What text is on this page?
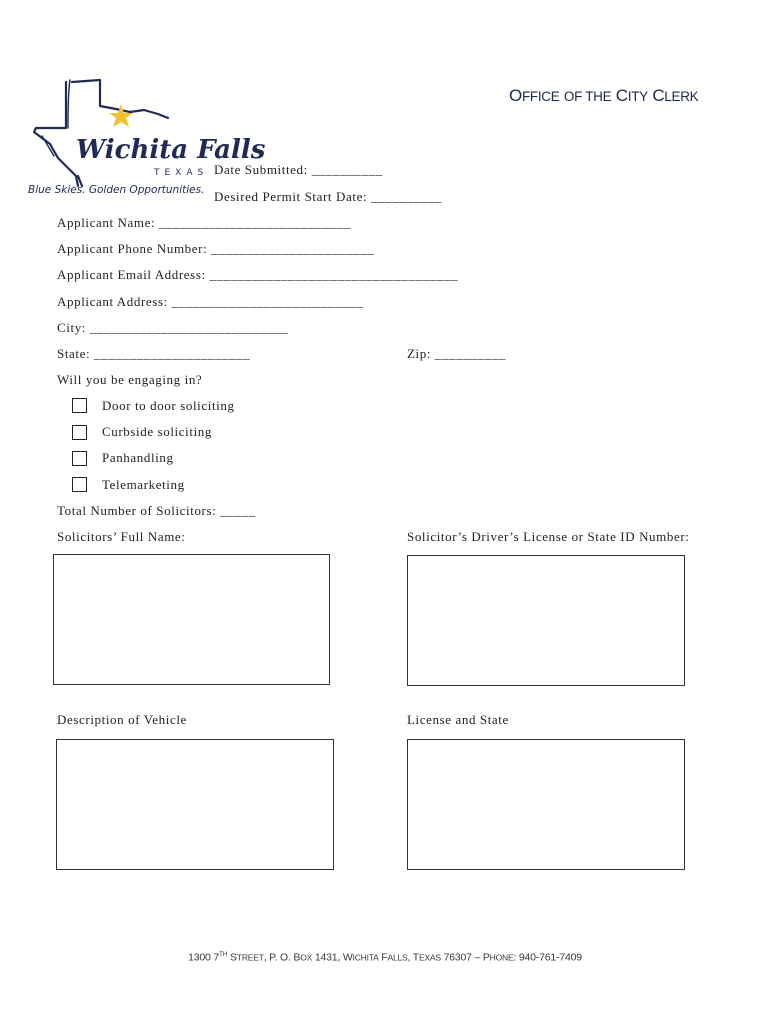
Wichita Falls
TEXAS
Blue Skies. Golden Opportunities.
OFFICE OF THE CITY CLERK
Date Submitted: __________
Desired Permit Start Date: __________
Applicant Name: ___________________________
Applicant Phone Number: _______________________
Applicant Email Address: ___________________________________
Applicant Address: ___________________________
City: ____________________________
State: ______________________	Zip: __________
Will you be engaging in?
Door to door soliciting
Curbside soliciting
Panhandling
Telemarketing
Total Number of Solicitors: _____
Solicitors’ Full Name:	Solicitor’s Driver’s License or State ID Number:
Description of Vehicle	License and State
1300 7TH STREET, P. O. BOX 1431, WICHITA FALLS, TEXAS 76307 – PHONE: 940-761-7409
